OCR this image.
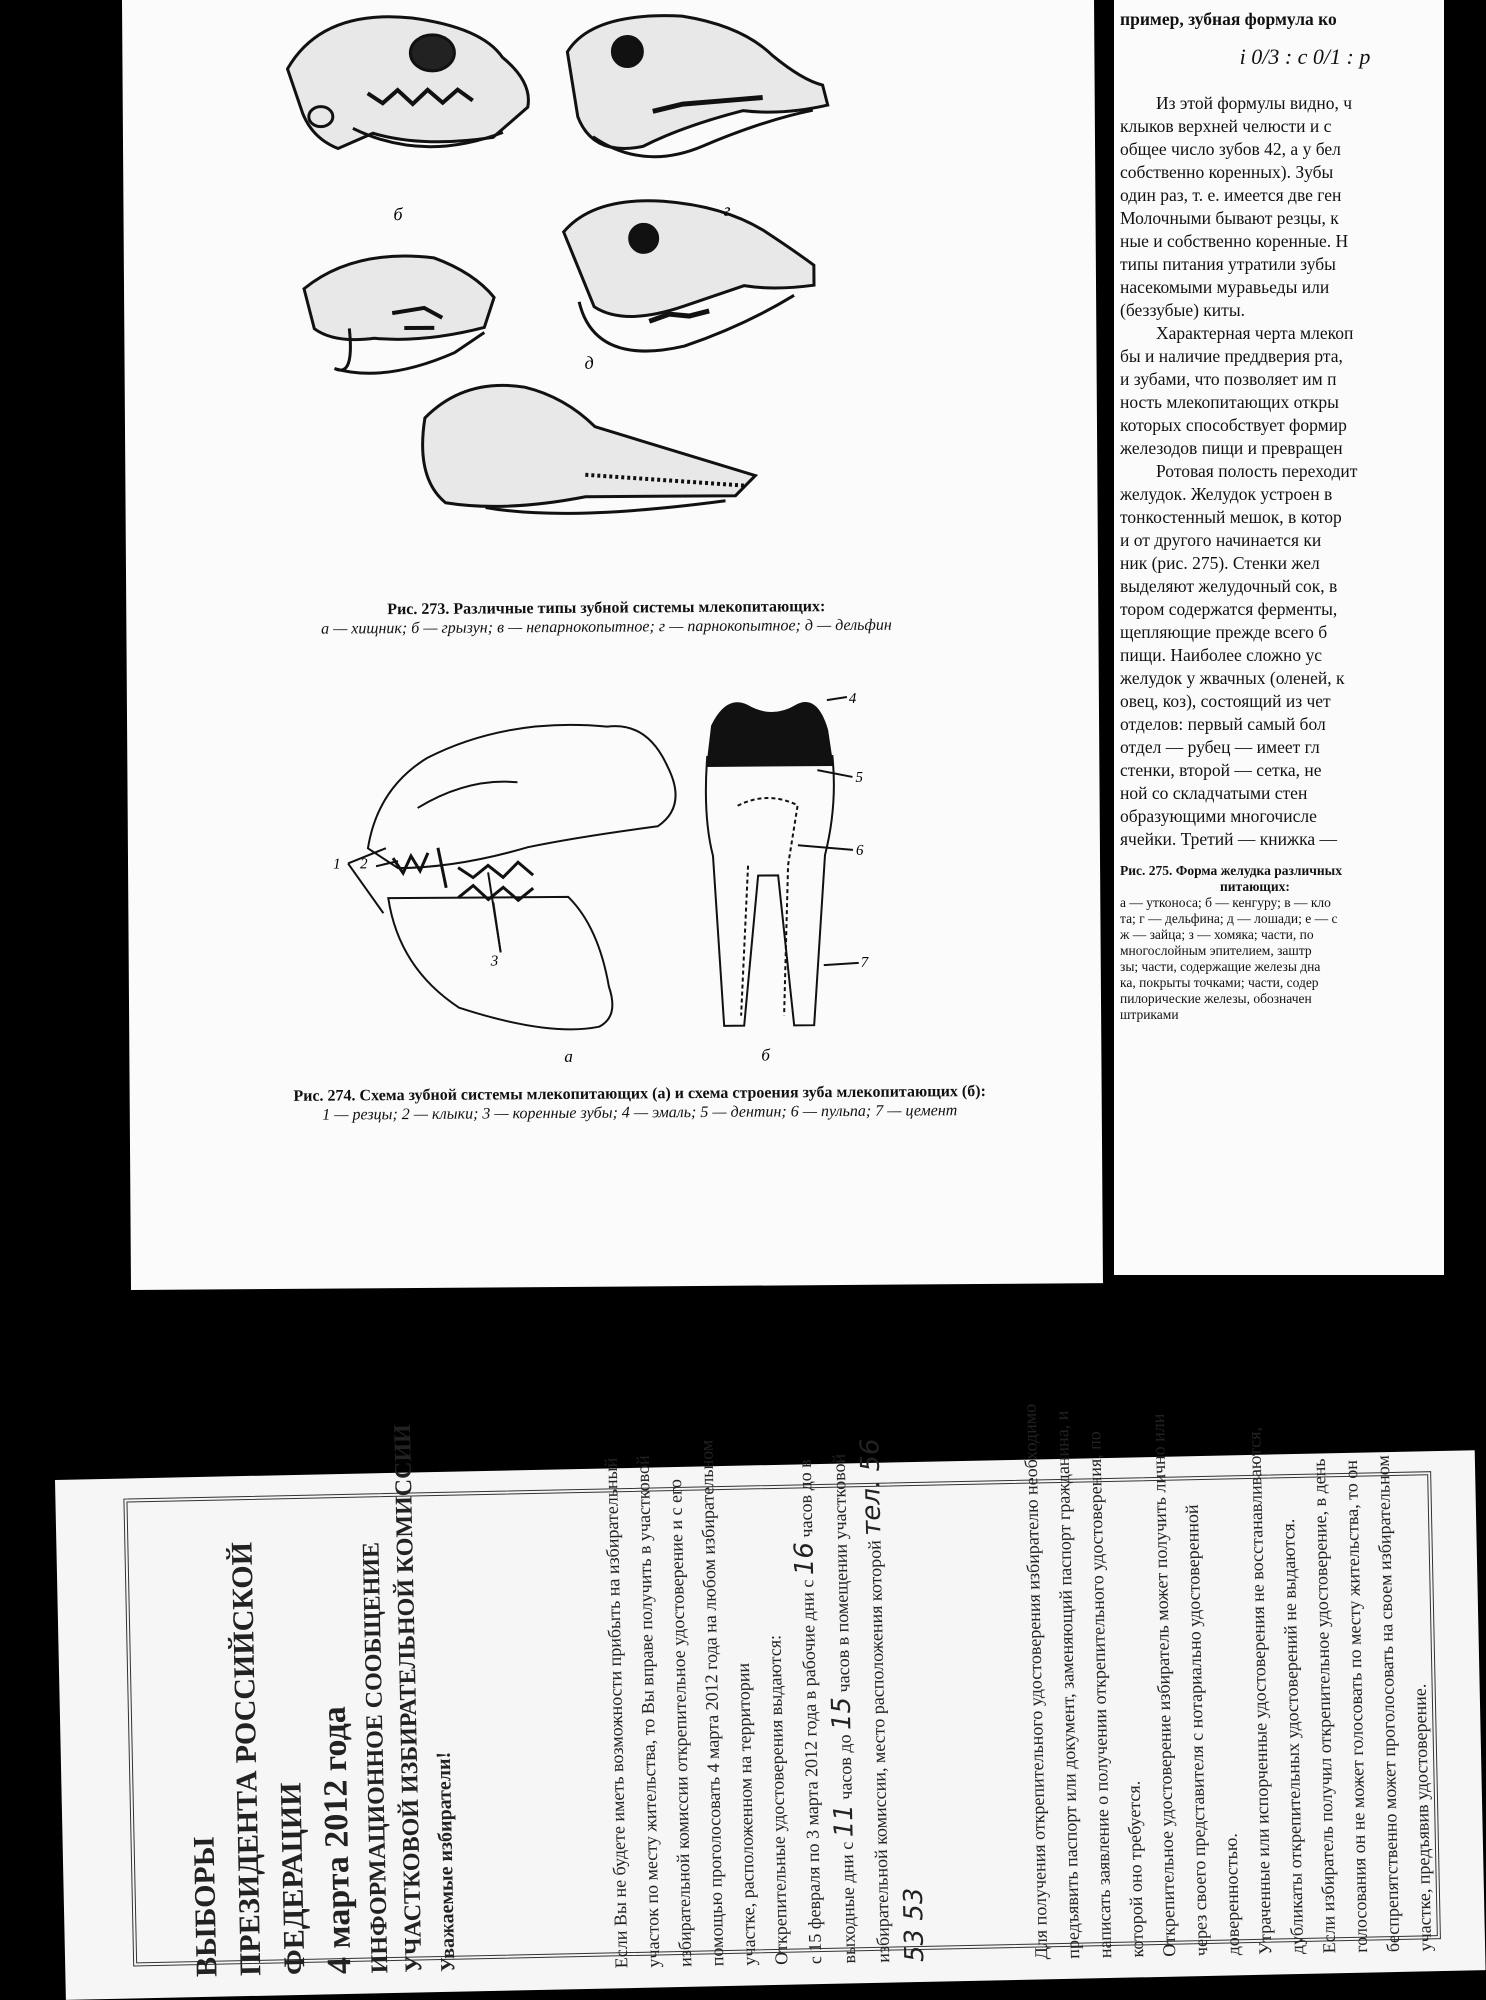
б	г
д
Рис. 273. Различные типы зубной системы млекопитающих:
а — хищник; б — грызун; в — непарнокопытное; г — парнокопытное; д — дельфин
1 2
3
а
4
5
6
7
б
Рис. 274. Схема зубной системы млекопитающих (а) и схема строения зуба млекопитающих (б):
1 — резцы; 2 — клыки; 3 — коренные зубы; 4 — эмаль; 5 — дентин; 6 — пульпа; 7 — цемент

пример, зубная формула ко

i 0/3 : c 0/1 : p

Из этой формулы видно, ч

клыков верхней челюсти и с

общее число зубов 42, а у бел

собственно коренных). Зубы

один раз, т. е. имеется две ген

Молочными бывают резцы, к

ные и собственно коренные. Н

типы питания утратили зубы

насекомыми муравьеды или

(беззубые) киты.

Характерная черта млекоп

бы и наличие преддверия рта,

и зубами, что позволяет им п

ность млекопитающих откры

которых способствует формир

железодов пищи и превращен

Ротовая полость переходит

желудок. Желудок устроен в

тонкостенный мешок, в котор

и от другого начинается ки

ник (рис. 275). Стенки жел

выделяют желудочный сок, в

тором содержатся ферменты,

щепляющие прежде всего б

пищи. Наиболее сложно ус

желудок у жвачных (оленей, к

овец, коз), состоящий из чет

отделов: первый самый бол

отдел — рубец — имеет гл

стенки, второй — сетка, не

ной со складчатыми стен

образующими многочисле

ячейки. Третий — книжка —

Рис. 275. Форма желудка различных
питающих:

а — утконоса; б — кенгуру; в — кло

та; г — дельфина; д — лошади; е — с

ж — зайца; з — хомяка; части, по

многослойным эпителием, заштр

зы; части, содержащие железы дна

ка, покрыты точками; части, содер

пилорические железы, обозначен

штриками

ВЫБОРЫ ПРЕЗИДЕНТА РОССИЙСКОЙ ФЕДЕРАЦИИ 4 марта 2012 года ИНФОРМАЦИОННОЕ СООБЩЕНИЕ
УЧАСТКОВОЙ ИЗБИРАТЕЛЬНОЙ КОМИССИИ Уважаемые избиратели!	Если Вы не будете иметь возможности прибыть на избирательный участок по месту жительства, то Вы вправе получить в участковой избирательной комиссии открепительное удостоверение и с его помощью проголосовать 4 марта 2012 года на любом избирательном участке, расположенном на территории Открепительные удостоверения выдаются: с 15 февраля по 3 марта 2012 года в рабочие дни с 16 часов до в выходные дни с 11 часов до 15 часов в помещении участковой избирательной комиссии, место расположения которой тел. 56 53 53	Для получения открепительного удостоверения избирателю необходимо предъявить паспорт или документ, заменяющий паспорт гражданина, и написать заявление о получении открепительного удостоверения, по которой оно требуется. Открепительное удостоверение избиратель может получить лично или через своего представителя с нотариально удостоверенной доверенностью. Утраченные или испорченные удостоверения не восстанавливаются, дубликаты открепительных удостоверений не выдаются. Если избиратель получил открепительное удостоверение, в день голосования он не может голосовать по месту жительства, то он беспрепятственно может проголосовать на своем избирательном участке, предъявив удостоверение.
